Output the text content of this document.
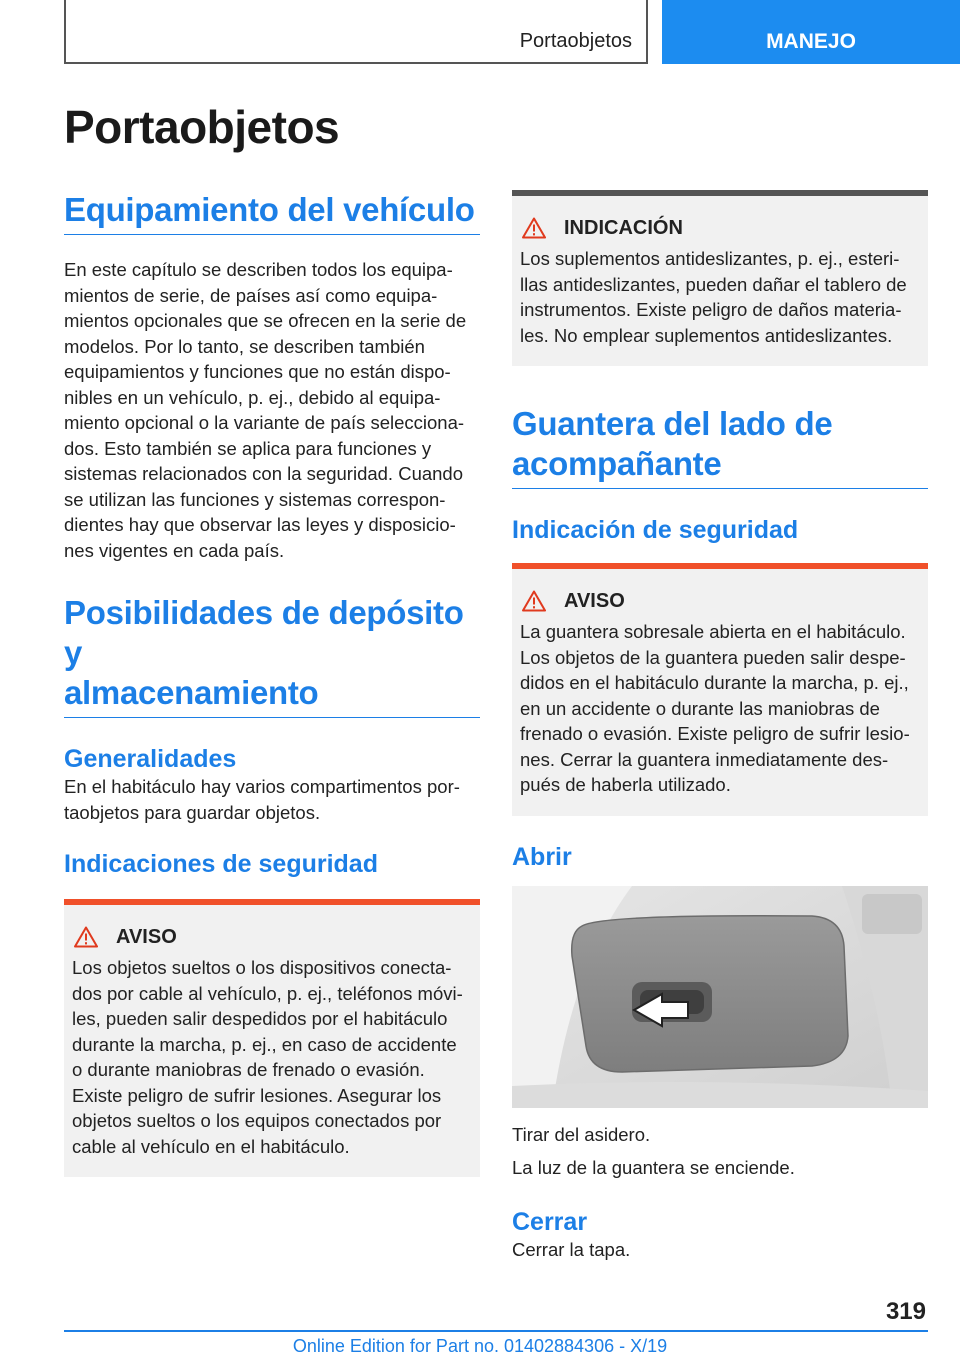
Portaobjetos	MANEJO
Portaobjetos
Equipamiento del vehículo
En este capítulo se describen todos los equipa-
mientos de serie, de países así como equipa-
mientos opcionales que se ofrecen en la serie de
modelos. Por lo tanto, se describen también
equipamientos y funciones que no están dispo-
nibles en un vehículo, p. ej., debido al equipa-
miento opcional o la variante de país selecciona-
dos. Esto también se aplica para funciones y
sistemas relacionados con la seguridad. Cuando
se utilizan las funciones y sistemas correspon-
dientes hay que observar las leyes y disposicio-
nes vigentes en cada país.
Posibilidades de depósito y
almacenamiento
Generalidades
En el habitáculo hay varios compartimentos por-
taobjetos para guardar objetos.
Indicaciones de seguridad
AVISO
Los objetos sueltos o los dispositivos conecta-
dos por cable al vehículo, p. ej., teléfonos móvi-
les, pueden salir despedidos por el habitáculo
durante la marcha, p. ej., en caso de accidente
o durante maniobras de frenado o evasión.
Existe peligro de sufrir lesiones. Asegurar los
objetos sueltos o los equipos conectados por
cable al vehículo en el habitáculo.
INDICACIÓN
Los suplementos antideslizantes, p. ej., esteri-
llas antideslizantes, pueden dañar el tablero de
instrumentos. Existe peligro de daños materia-
les. No emplear suplementos antideslizantes.
Guantera del lado de
acompañante
Indicación de seguridad
AVISO
La guantera sobresale abierta en el habitáculo.
Los objetos de la guantera pueden salir despe-
didos en el habitáculo durante la marcha, p. ej.,
en un accidente o durante las maniobras de
frenado o evasión. Existe peligro de sufrir lesio-
nes. Cerrar la guantera inmediatamente des-
pués de haberla utilizado.
Abrir
Tirar del asidero.
La luz de la guantera se enciende.
Cerrar
Cerrar la tapa.
319
Online Edition for Part no. 01402884306 - X/19
